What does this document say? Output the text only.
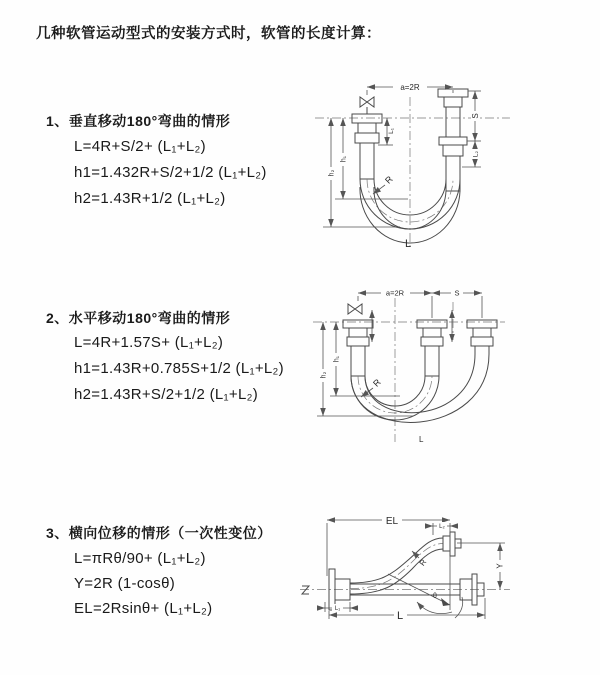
几种软管运动型式的安装方式时，软管的长度计算：
1、垂直移动180°弯曲的情形
L=4R+S/2+ (L₁+L₂)
h1=1.432R+S/2+1/2 (L₁+L₂)
h2=1.43R+1/2 (L₁+L₂)
2、水平移动180°弯曲的情形
L=4R+1.57S+ (L₁+L₂)
h1=1.43R+0.785S+1/2 (L₁+L₂)
h2=1.43R+S/2+1/2 (L₁+L₂)
3、横向位移的情形（一次性变位）
L=πRθ/90+ (L₁+L₂)
Y=2R (1-cosθ)
EL=2Rsinθ+ (L₁+L₂)
a=2R
S
L₂
L₁
h₁
h₂
R
L
a=2R	S
h₁
h₂
R
L
EL	L₂
θ
Y
R
L₁
L
